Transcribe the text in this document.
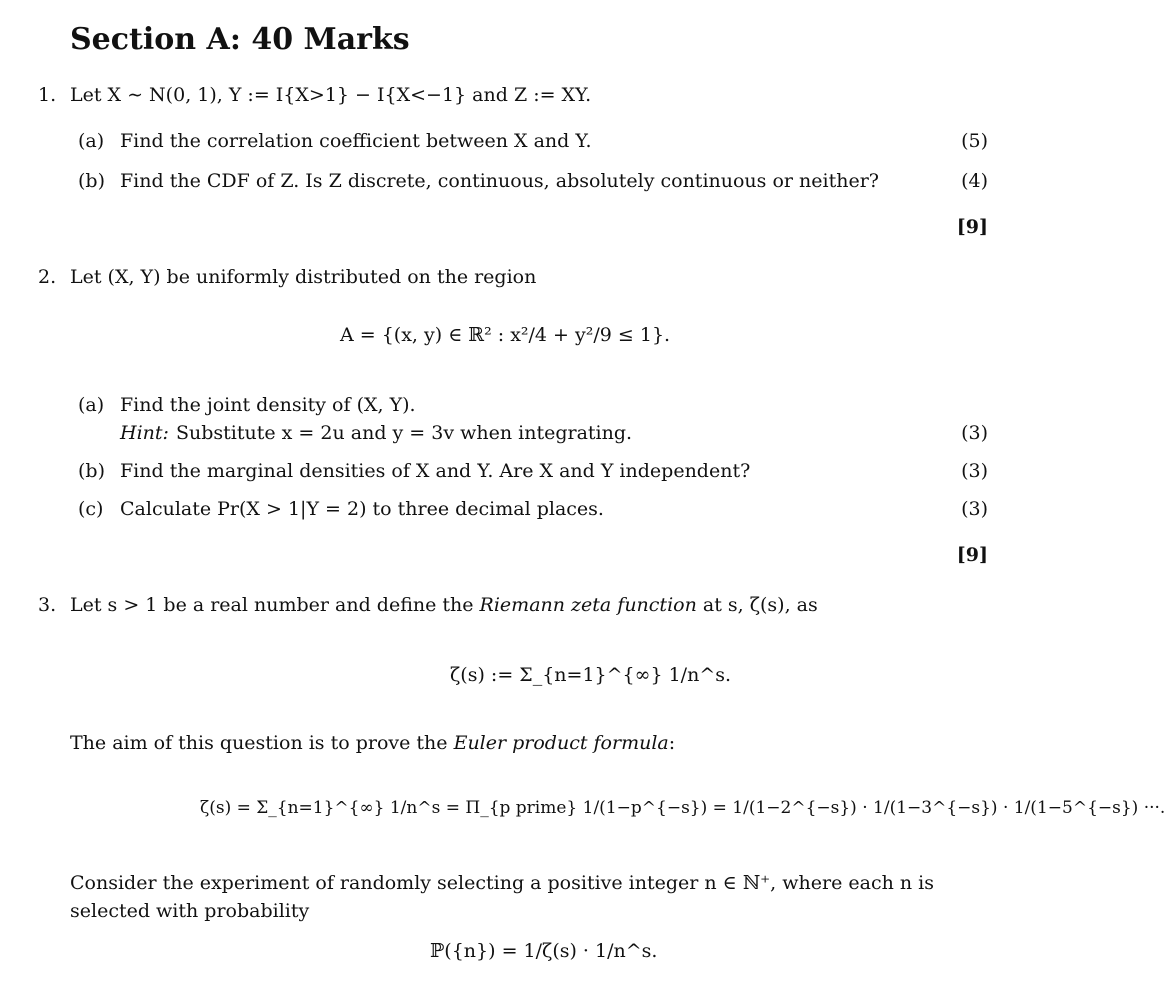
Section A: 40 Marks
1. Let X ∼ N(0, 1), Y := I{X>1} − I{X<−1} and Z := XY.
(a) Find the correlation coefficient between X and Y.	(5)
(b) Find the CDF of Z. Is Z discrete, continuous, absolutely continuous or neither?	(4)
[9]
2. Let (X, Y) be uniformly distributed on the region
A = {(x, y) ∈ ℝ² : x²/4 + y²/9 ≤ 1}.
(a) Find the joint density of (X, Y).
Hint: Substitute x = 2u and y = 3v when integrating.	(3)
(b) Find the marginal densities of X and Y. Are X and Y independent?	(3)
(c) Calculate Pr(X > 1|Y = 2) to three decimal places.	(3)
[9]
3. Let s > 1 be a real number and define the Riemann zeta function at s, ζ(s), as
ζ(s) := Σ_{n=1}^{∞} 1/n^s.
The aim of this question is to prove the Euler product formula:
ζ(s) = Σ_{n=1}^{∞} 1/n^s = Π_{p prime} 1/(1−p^{−s}) = 1/(1−2^{−s}) · 1/(1−3^{−s}) · 1/(1−5^{−s}) ···.
Consider the experiment of randomly selecting a positive integer n ∈ ℕ⁺, where each n is
selected with probability
ℙ({n}) = 1/ζ(s) · 1/n^s.
